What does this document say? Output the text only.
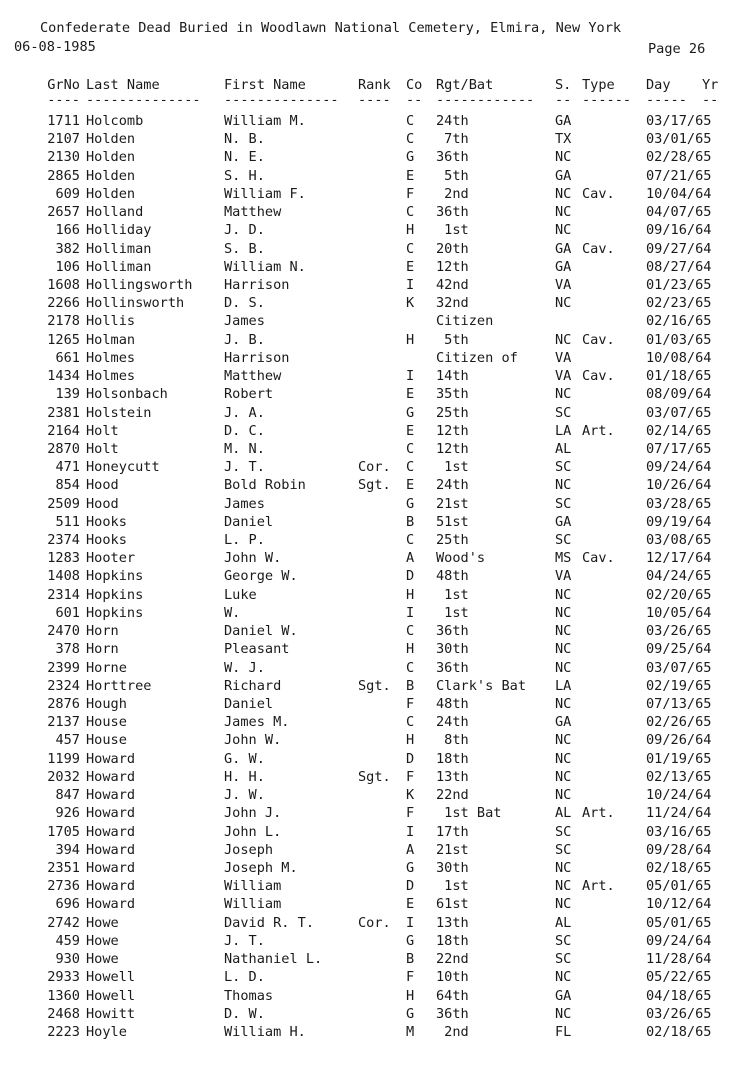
Confederate Dead Buried in Woodlawn National Cemetery, Elmira, New York
06-08-1985	Page 26
GrNo Last Name	First Name	Rank Co Rgt/Bat	S. Type Day Yr
---- -------------- -------------- ---- -- ------------ -- ------ ----- --
1711 Holcomb	William M.	C 24th	GA	03/17/65
2107 Holden	N. B.	C 7th	TX	03/01/65
2130 Holden	N. E.	G 36th	NC	02/28/65
2865 Holden	S. H.	E 5th	GA	07/21/65
609 Holden	William F.	F 2nd	NC Cav. 10/04/64
2657 Holland	Matthew	C 36th	NC	04/07/65
166 Holliday	J. D.	H 1st	NC	09/16/64
382 Holliman	S. B.	C 20th	GA Cav. 09/27/64
106 Holliman	William N.	E 12th	GA	08/27/64
1608 Hollingsworth Harrison	I 42nd	VA	01/23/65
2266 Hollinsworth	D. S.	K 32nd	NC	02/23/65
2178 Hollis	James	Citizen	02/16/65
1265 Holman	J. B.	H 5th	NC Cav. 01/03/65
661 Holmes	Harrison	Citizen of	VA	10/08/64
1434 Holmes	Matthew	I 14th	VA Cav. 01/18/65
139 Holsonbach	Robert	E 35th	NC	08/09/64
2381 Holstein	J. A.	G 25th	SC	03/07/65
2164 Holt	D. C.	E 12th	LA Art. 02/14/65
2870 Holt	M. N.	C 12th	AL	07/17/65
471 Honeycutt	J. T.	Cor. C 1st	SC	09/24/64
854 Hood	Bold Robin	Sgt. E 24th	NC	10/26/64
2509 Hood	James	G 21st	SC	03/28/65
511 Hooks	Daniel	B 51st	GA	09/19/64
2374 Hooks	L. P.	C 25th	SC	03/08/65
1283 Hooter	John W.	A Wood's	MS Cav. 12/17/64
1408 Hopkins	George W.	D 48th	VA	04/24/65
2314 Hopkins	Luke	H 1st	NC	02/20/65
601 Hopkins	W.	I 1st	NC	10/05/64
2470 Horn	Daniel W.	C 36th	NC	03/26/65
378 Horn	Pleasant	H 30th	NC	09/25/64
2399 Horne	W. J.	C 36th	NC	03/07/65
2324 Horttree	Richard	Sgt. B Clark's Bat LA	02/19/65
2876 Hough	Daniel	F 48th	NC	07/13/65
2137 House	James M.	C 24th	GA	02/26/65
457 House	John W.	H 8th	NC	09/26/64
1199 Howard	G. W.	D 18th	NC	01/19/65
2032 Howard	H. H.	Sgt. F 13th	NC	02/13/65
847 Howard	J. W.	K 22nd	NC	10/24/64
926 Howard	John J.	F 1st Bat	AL Art. 11/24/64
1705 Howard	John L.	I 17th	SC	03/16/65
394 Howard	Joseph	A 21st	SC	09/28/64
2351 Howard	Joseph M.	G 30th	NC	02/18/65
2736 Howard	William	D 1st	NC Art. 05/01/65
696 Howard	William	E 61st	NC	10/12/64
2742 Howe	David R. T.	Cor. I 13th	AL	05/01/65
459 Howe	J. T.	G 18th	SC	09/24/64
930 Howe	Nathaniel L.	B 22nd	SC	11/28/64
2933 Howell	L. D.	F 10th	NC	05/22/65
1360 Howell	Thomas	H 64th	GA	04/18/65
2468 Howitt	D. W.	G 36th	NC	03/26/65
2223 Hoyle	William H.	M 2nd	FL	02/18/65
